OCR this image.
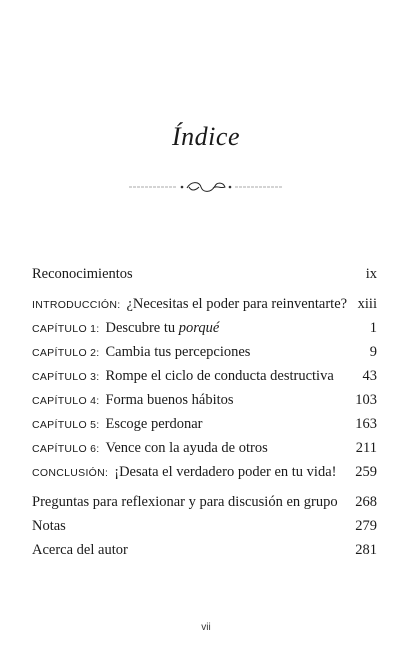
Índice
Reconocimientos	ix
INTRODUCCIÓN: ¿Necesitas el poder para reinventarte? xiii
CAPÍTULO 1: Descubre tu porqué	1
CAPÍTULO 2: Cambia tus percepciones	9
CAPÍTULO 3: Rompe el ciclo de conducta destructiva	43
CAPÍTULO 4: Forma buenos hábitos	103
CAPÍTULO 5: Escoge perdonar	163
CAPÍTULO 6: Vence con la ayuda de otros	211
CONCLUSIÓN: ¡Desata el verdadero poder en tu vida!	259
Preguntas para reflexionar y para discusión en grupo	268
Notas	279
Acerca del autor	281
vii
